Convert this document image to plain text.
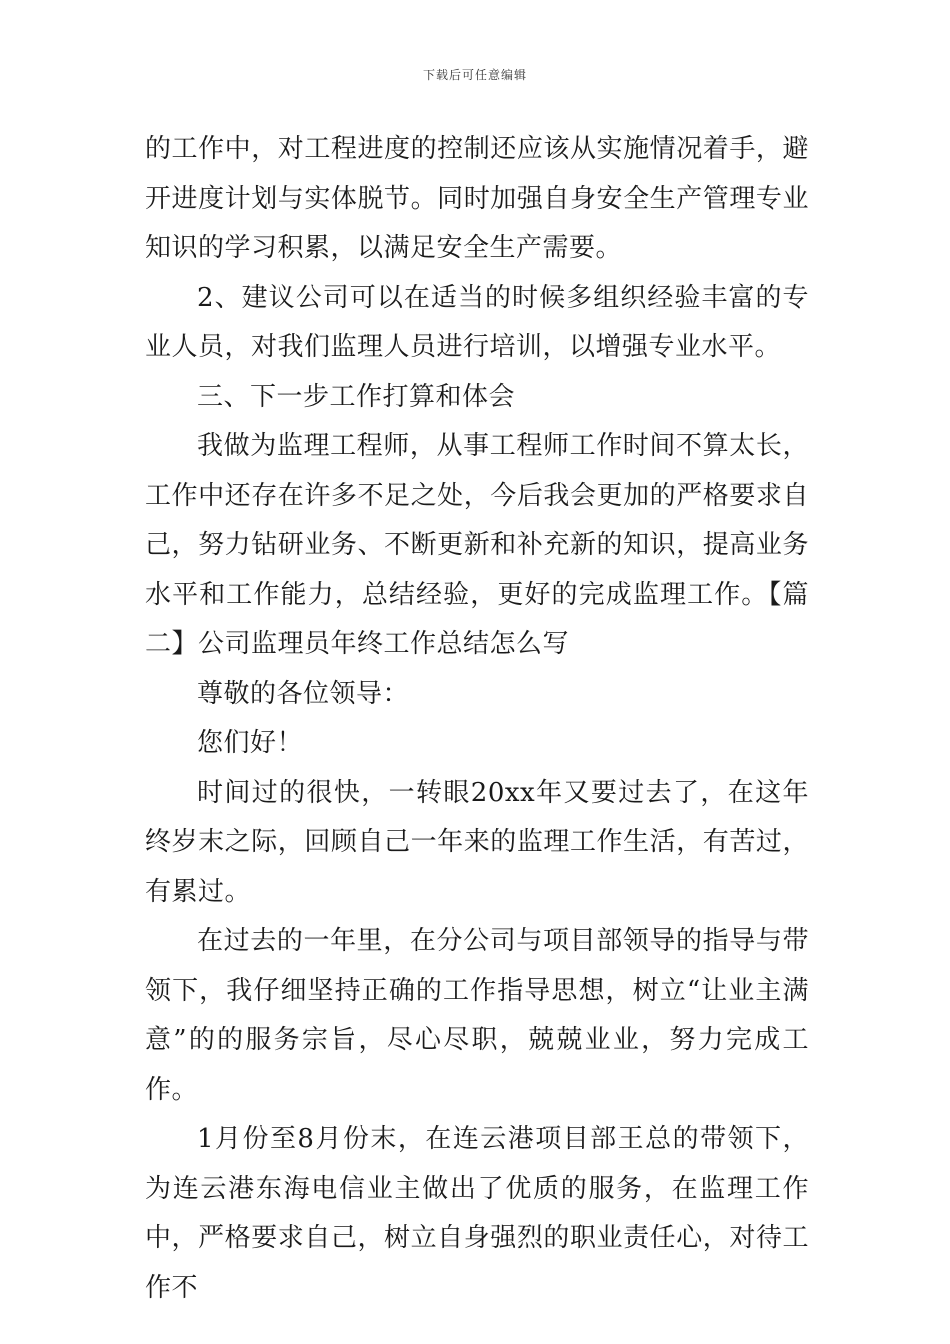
下载后可任意编辑

的工作中，对工程进度的控制还应该从实施情况着手，避开进度计划与实体脱节。同时加强自身安全生产管理专业知识的学习积累，以满足安全生产需要。

2、建议公司可以在适当的时候多组织经验丰富的专业人员，对我们监理人员进行培训，以增强专业水平。

三、下一步工作打算和体会

我做为监理工程师，从事工程师工作时间不算太长，工作中还存在许多不足之处，今后我会更加的严格要求自己，努力钻研业务、不断更新和补充新的知识，提高业务水平和工作能力，总结经验，更好的完成监理工作。【篇二】公司监理员年终工作总结怎么写

尊敬的各位领导：

您们好！

时间过的很快，一转眼20xx年又要过去了，在这年终岁末之际，回顾自己一年来的监理工作生活，有苦过，有累过。

在过去的一年里，在分公司与项目部领导的指导与带领下，我仔细坚持正确的工作指导思想，树立“让业主满意”的的服务宗旨，尽心尽职，兢兢业业，努力完成工作。

1月份至8月份末，在连云港项目部王总的带领下，为连云港东海电信业主做出了优质的服务，在监理工作中，严格要求自己，树立自身强烈的职业责任心，对待工作不
